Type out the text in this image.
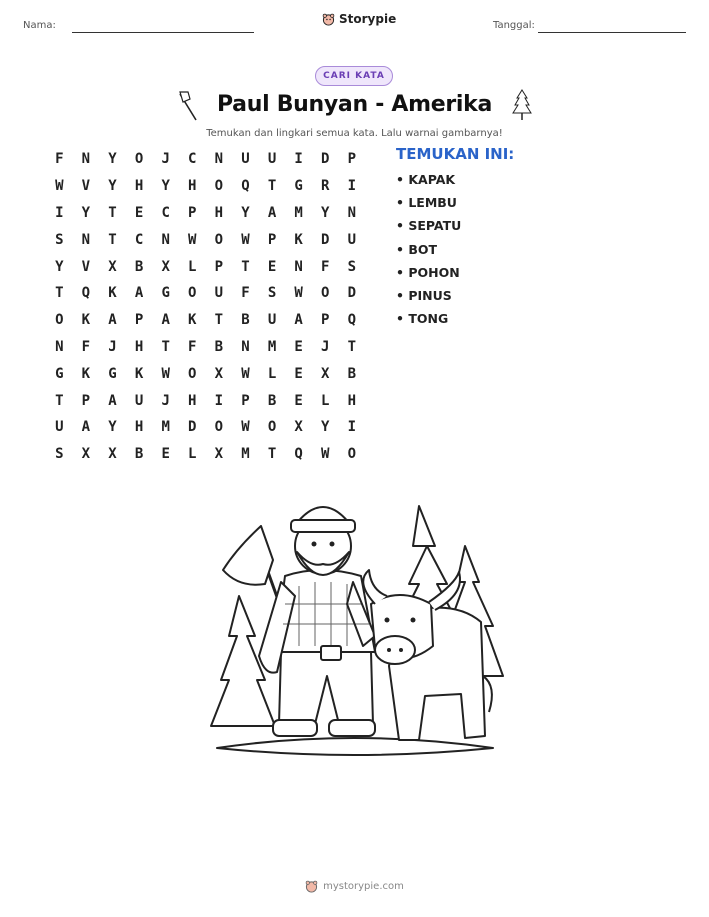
Nama:	Storypie	Tanggal:
CARI KATA
Paul Bunyan - Amerika
Temukan dan lingkari semua kata. Lalu warnai gambarnya!
F	N	Y	O	J	C	N	U	U	I	D	P
W	V	Y	H	Y	H	O	Q	T	G	R	I
I	Y	T	E	C	P	H	Y	A	M	Y	N
S	N	T	C	N	W	O	W	P	K	D	U
Y	V	X	B	X	L	P	T	E	N	F	S
T	Q	K	A	G	O	U	F	S	W	O	D
O	K	A	P	A	K	T	B	U	A	P	Q
N	F	J	H	T	F	B	N	M	E	J	T
G	K	G	K	W	O	X	W	L	E	X	B
T	P	A	U	J	H	I	P	B	E	L	H
U	A	Y	H	M	D	O	W	O	X	Y	I
S	X	X	B	E	L	X	M	T	Q	W	O
TEMUKAN INI:
• KAPAK
• LEMBU
• SEPATU
• BOT
• POHON
• PINUS
• TONG
mystorypie.com
